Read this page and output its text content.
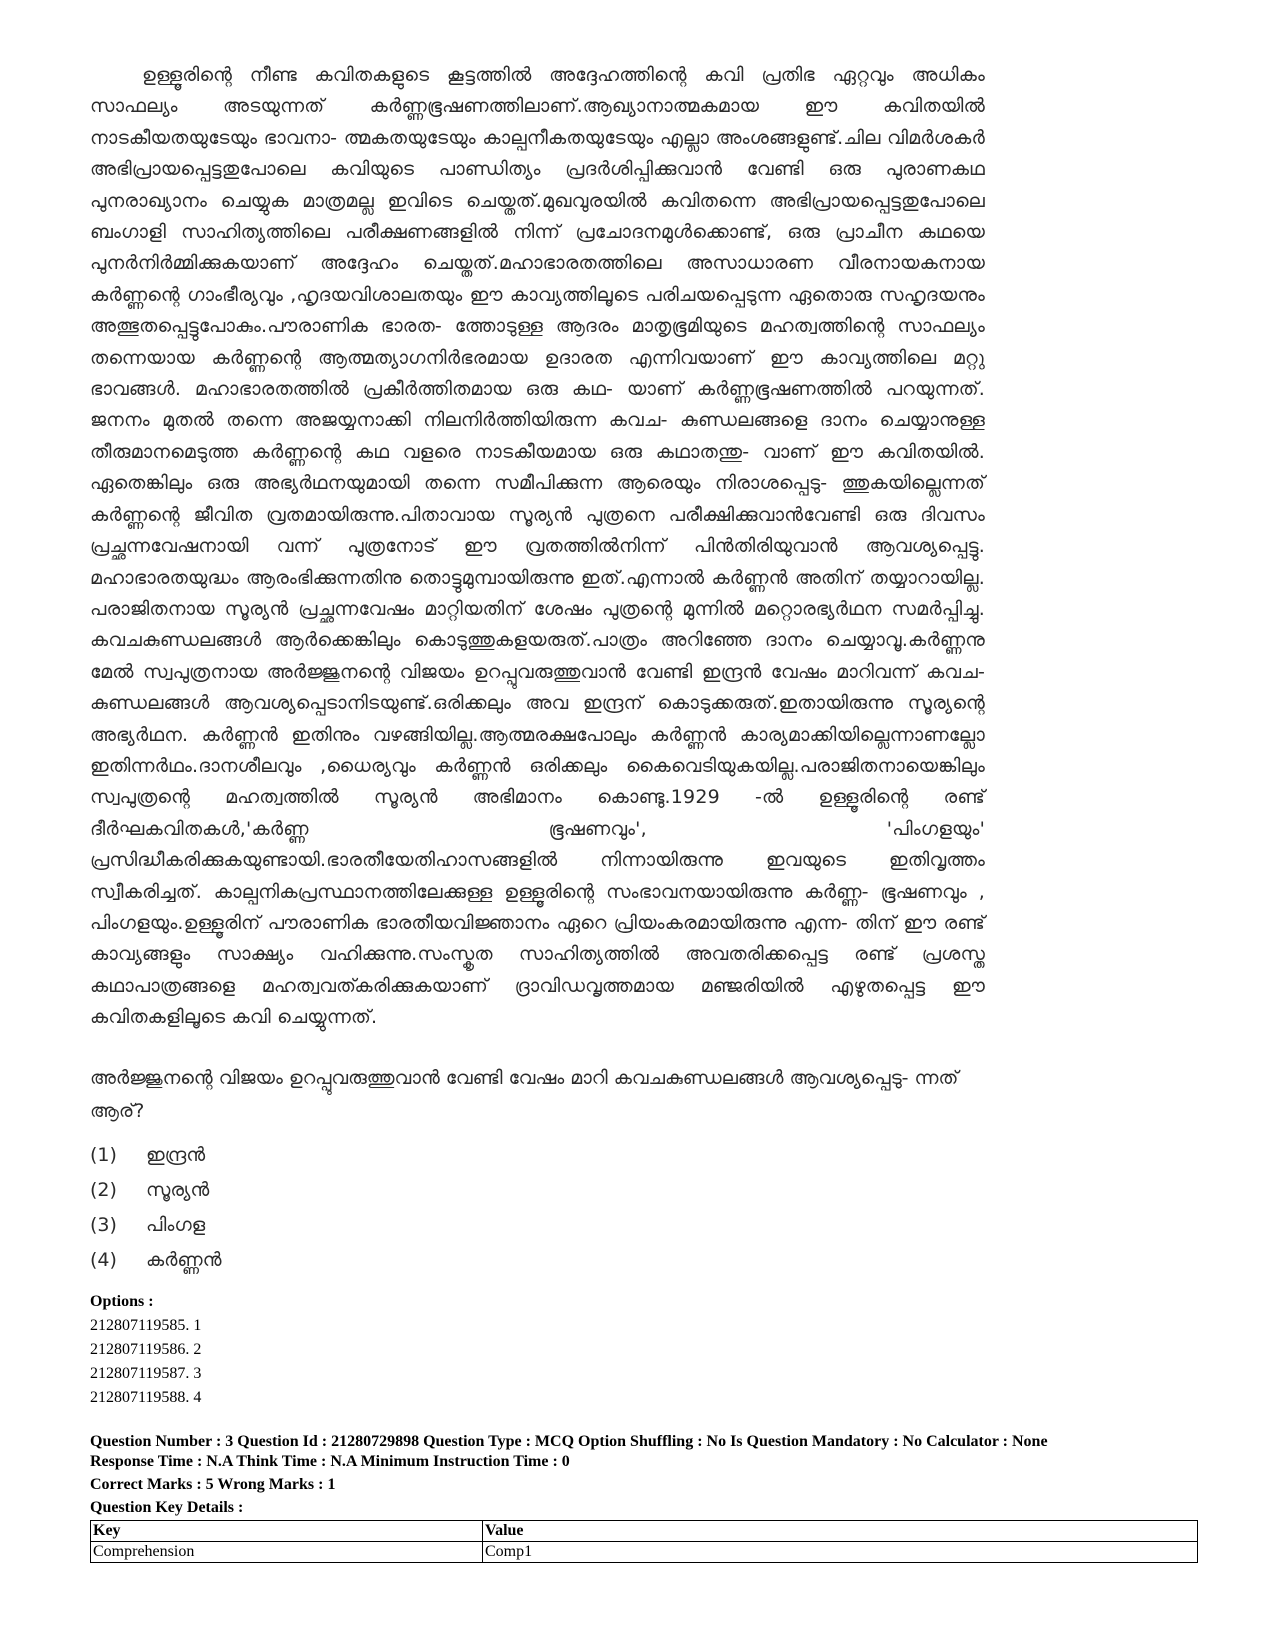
ഉള്ളൂരിന്റെ നീണ്ട കവിതകളുടെ കൂട്ടത്തിൽ അദ്ദേഹത്തിന്റെ കവി പ്രതിഭ ഏറ്റവും അധികം സാഫല്യം അടയുന്നത് കർണ്ണഭൂഷണത്തിലാണ്.ആഖ്യാനാത്മകമായ ഈ കവിതയിൽ നാടകീയതയുടേയും ഭാവനാ- ത്മകതയുടേയും കാല്പനീകതയുടേയും എല്ലാ അംശങ്ങളുണ്ട്.ചില വിമർശകർ അഭിപ്രായപ്പെട്ടതുപോലെ കവിയുടെ പാണ്ഡിത്യം പ്രദർശിപ്പിക്കുവാൻ വേണ്ടി ഒരു പുരാണകഥ പുനരാഖ്യാനം ചെയ്യുക മാത്രമല്ല ഇവിടെ ചെയ്തത്.മുഖവുരയിൽ കവിതന്നെ അഭിപ്രായപ്പെട്ടതുപോലെ ബംഗാളി സാഹിത്യത്തിലെ പരീക്ഷണങ്ങളിൽ നിന്ന് പ്രചോദനമുൾക്കൊണ്ട്, ഒരു പ്രാചീന കഥയെ പുനർനിർമ്മിക്കുകയാണ് അദ്ദേഹം ചെയ്തത്.മഹാഭാരതത്തിലെ അസാധാരണ വീരനായകനായ കർണ്ണന്റെ ഗാംഭീര്യവും ,ഹൃദയവിശാലതയും ഈ കാവ്യത്തിലൂടെ പരിചയപ്പെടുന്ന ഏതൊരു സഹൃദയനും അത്ഭുതപ്പെട്ടുപോകും.പൗരാണിക ഭാരത- ത്തോടുള്ള ആദരം മാതൃഭൂമിയുടെ മഹത്വത്തിന്റെ സാഫല്യം തന്നെയായ കർണ്ണന്റെ ആത്മത്യാഗനിർഭരമായ ഉദാരത എന്നിവയാണ് ഈ കാവ്യത്തിലെ മറ്റു ഭാവങ്ങൾ. മഹാഭാരതത്തിൽ പ്രകീർത്തിതമായ ഒരു കഥ- യാണ് കർണ്ണഭൂഷണത്തിൽ പറയുന്നത്. ജനനം മുതൽ തന്നെ അജയ്യനാക്കി നിലനിർത്തിയിരുന്ന കവച- കുണ്ഡലങ്ങളെ ദാനം ചെയ്യാനുള്ള തീരുമാനമെടുത്ത കർണ്ണന്റെ കഥ വളരെ നാടകീയമായ ഒരു കഥാതന്തു- വാണ് ഈ കവിതയിൽ. ഏതെങ്കിലും ഒരു അഭ്യർഥനയുമായി തന്നെ സമീപിക്കുന്ന ആരെയും നിരാശപ്പെടു- ത്തുകയില്ലെന്നത് കർണ്ണന്റെ ജീവിത വ്രതമായിരുന്നു.പിതാവായ സൂര്യൻ പുത്രനെ പരീക്ഷിക്കുവാൻവേണ്ടി ഒരു ദിവസം പ്രച്ഛന്നവേഷനായി വന്ന് പുത്രനോട് ഈ വ്രതത്തിൽനിന്ന് പിൻതിരിയുവാൻ ആവശ്യപ്പെട്ടു. മഹാഭാരതയുദ്ധം ആരംഭിക്കുന്നതിനു തൊട്ടുമുമ്പായിരുന്നു ഇത്.എന്നാൽ കർണ്ണൻ അതിന് തയ്യാറായില്ല. പരാജിതനായ സൂര്യൻ പ്രച്ഛന്നവേഷം മാറ്റിയതിന് ശേഷം പുത്രന്റെ മുന്നിൽ മറ്റൊരഭ്യർഥന സമർപ്പിച്ചു. കവചകുണ്ഡലങ്ങൾ ആർക്കെങ്കിലും കൊടുത്തുകളയരുത്.പാത്രം അറിഞ്ഞേ ദാനം ചെയ്യാവൂ.കർണ്ണനു മേൽ സ്വപുത്രനായ അർജ്ജുനന്റെ വിജയം ഉറപ്പുവരുത്തുവാൻ വേണ്ടി ഇന്ദ്രൻ വേഷം മാറിവന്ന് കവച- കുണ്ഡലങ്ങൾ ആവശ്യപ്പെടാനിടയുണ്ട്.ഒരിക്കലും അവ ഇന്ദ്രന് കൊടുക്കരുത്.ഇതായിരുന്നു സൂര്യന്റെ അഭ്യർഥന. കർണ്ണൻ ഇതിനും വഴങ്ങിയില്ല.ആത്മരക്ഷപോലും കർണ്ണൻ കാര്യമാക്കിയില്ലെന്നാണല്ലോ ഇതിന്നർഥം.ദാനശീലവും ,ധൈര്യവും കർണ്ണൻ ഒരിക്കലും കൈവെടിയുകയില്ല.പരാജിതനായെങ്കിലും സ്വപുത്രന്റെ മഹത്വത്തിൽ സൂര്യൻ അഭിമാനം കൊണ്ടു.1929 -ൽ ഉള്ളൂരിന്റെ രണ്ട് ദീർഘകവിതകൾ,'കർണ്ണ ഭൂഷണവും', 'പിംഗളയും' പ്രസിദ്ധീകരിക്കുകയുണ്ടായി.ഭാരതീയേതിഹാസങ്ങളിൽ നിന്നായിരുന്നു ഇവയുടെ ഇതിവൃത്തം സ്വീകരിച്ചത്. കാല്പനികപ്രസ്ഥാനത്തിലേക്കുള്ള ഉള്ളൂരിന്റെ സംഭാവനയായിരുന്നു കർണ്ണ- ഭൂഷണവും , പിംഗളയും.ഉള്ളൂരിന് പൗരാണിക ഭാരതീയവിജ്ഞാനം ഏറെ പ്രിയംകരമായിരുന്നു എന്ന- തിന് ഈ രണ്ട് കാവ്യങ്ങളും സാക്ഷ്യം വഹിക്കുന്നു.സംസ്കൃത സാഹിത്യത്തിൽ അവതരിക്കപ്പെട്ട രണ്ട് പ്രശസ്ത കഥാപാത്രങ്ങളെ മഹത്വവത്കരിക്കുകയാണ് ദ്രാവിഡവൃത്തമായ മഞ്ജരിയിൽ എഴുതപ്പെട്ട ഈ കവിതകളിലൂടെ കവി ചെയ്യുന്നത്.

അർജ്ജുനന്റെ വിജയം ഉറപ്പുവരുത്തുവാൻ വേണ്ടി വേഷം മാറി കവചകുണ്ഡലങ്ങൾ ആവശ്യപ്പെടു- ന്നത് ആര്?

(1)	ഇന്ദ്രൻ
(2)	സൂര്യൻ
(3)	പിംഗള
(4)	കർണ്ണൻ
Options :
212807119585. 1
212807119586. 2
212807119587. 3
212807119588. 4
Question Number : 3 Question Id : 21280729898 Question Type : MCQ Option Shuffling : No Is Question Mandatory : No Calculator : None
Response Time : N.A Think Time : N.A Minimum Instruction Time : 0
Correct Marks : 5 Wrong Marks : 1
Question Key Details :
Key	Value
Comprehension	Comp1
